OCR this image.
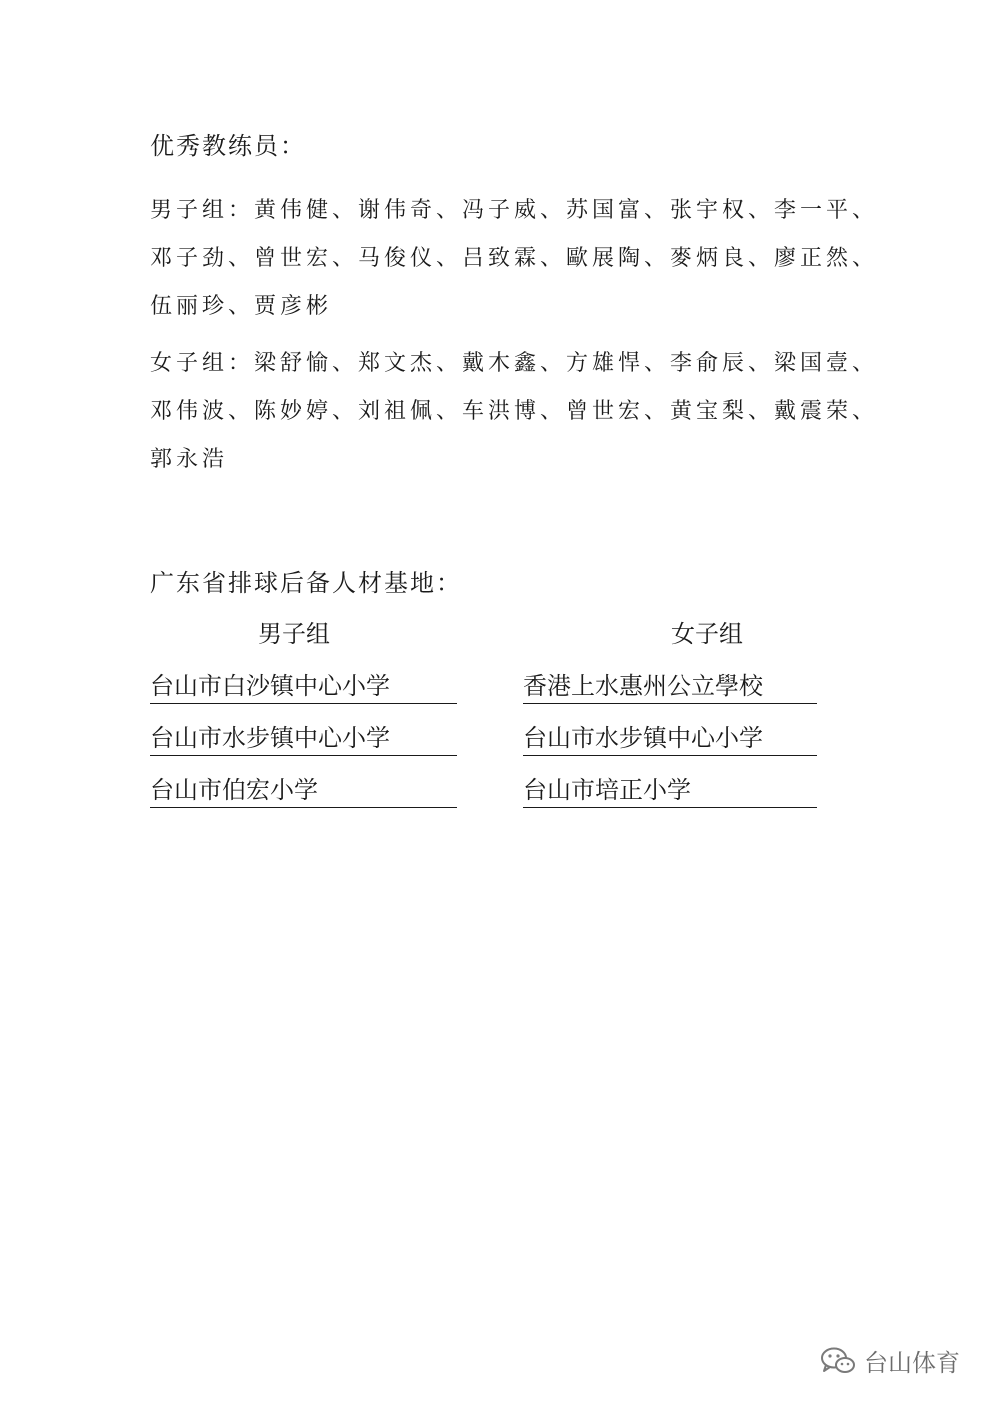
优秀教练员：
男子组：黄伟健、谢伟奇、冯子威、苏国富、张宇权、李一平、
邓子劲、曾世宏、马俊仪、吕致霖、歐展陶、麥炳良、廖正然、
伍丽珍、贾彦彬
女子组：梁舒愉、郑文杰、戴木鑫、方雄悍、李俞辰、梁国壹、
邓伟波、陈妙婷、刘祖佩、车洪博、曾世宏、黄宝梨、戴震荣、
郭永浩
广东省排球后备人材基地：
男子组	女子组
台山市白沙镇中心小学
台山市水步镇中心小学
台山市伯宏小学
香港上水惠州公立學校
台山市水步镇中心小学
台山市培正小学
台山体育
